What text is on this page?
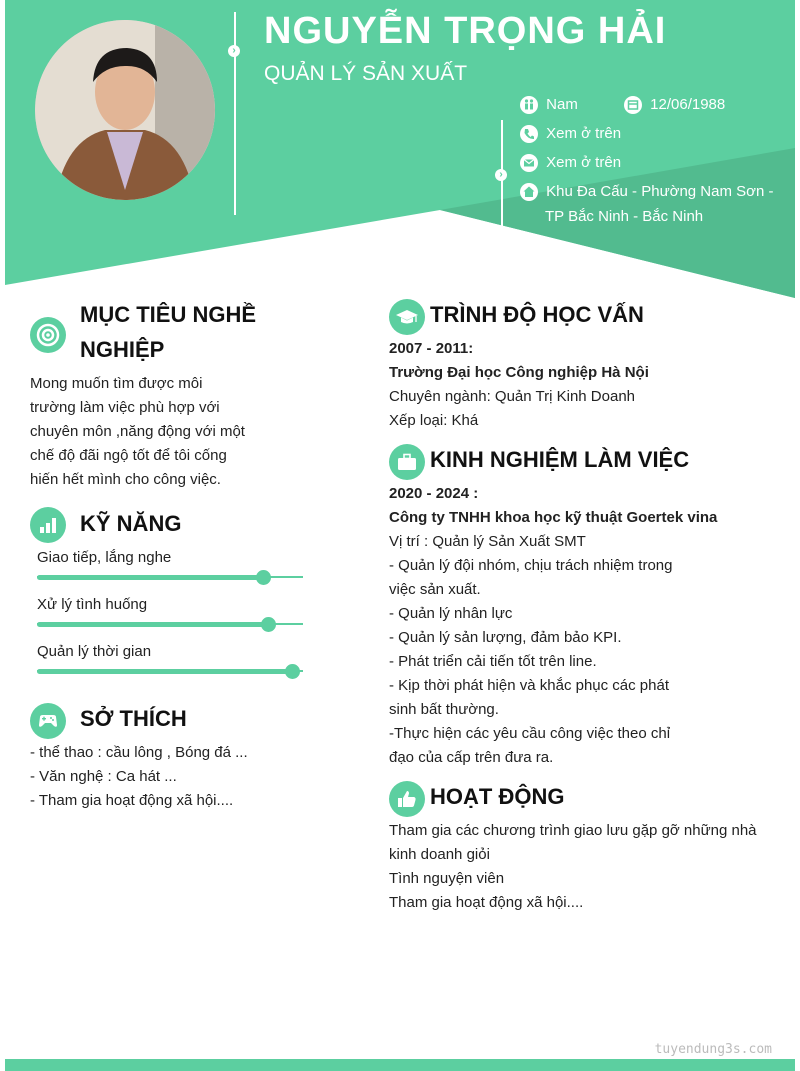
›
›
NGUYỄN TRỌNG HẢI
QUẢN LÝ SẢN XUẤT
Nam	12/06/1988
Xem ở trên
Xem ở trên
Khu Đa Cấu - Phường Nam Sơn -
TP Bắc Ninh - Bắc Ninh
MỤC TIÊU NGHỀ
NGHIỆP
Mong muốn tìm được môi
trường làm việc phù hợp với
chuyên môn ,năng động với một
chế độ đãi ngộ tốt để tôi cống
hiến hết mình cho công việc.
KỸ NĂNG
Giao tiếp, lắng nghe
Xử lý tình huống
Quản lý thời gian
SỞ THÍCH
- thể thao : cầu lông , Bóng đá ...
- Văn nghệ : Ca hát ...
- Tham gia hoạt động xã hội....
TRÌNH ĐỘ HỌC VẤN
2007 - 2011:
Trường Đại học Công nghiệp Hà Nội
Chuyên ngành: Quản Trị Kinh Doanh
Xếp loại: Khá
KINH NGHIỆM LÀM VIỆC
2020 - 2024 :
Công ty TNHH khoa học kỹ thuật Goertek vina
Vị trí : Quản lý Sản Xuất SMT
- Quản lý đội nhóm, chịu trách nhiệm trong
việc sản xuất.
- Quản lý nhân lực
- Quản lý sản lượng, đảm bảo KPI.
- Phát triển cải tiến tốt trên line.
- Kịp thời phát hiện và khắc phục các phát
sinh bất thường.
-Thực hiện các yêu cầu công việc theo chỉ
đạo của cấp trên đưa ra.
HOẠT ĐỘNG
Tham gia các chương trình giao lưu gặp gỡ những nhà
kinh doanh giỏi
Tình nguyện viên
Tham gia hoạt động xã hội....
tuyendung3s.com
